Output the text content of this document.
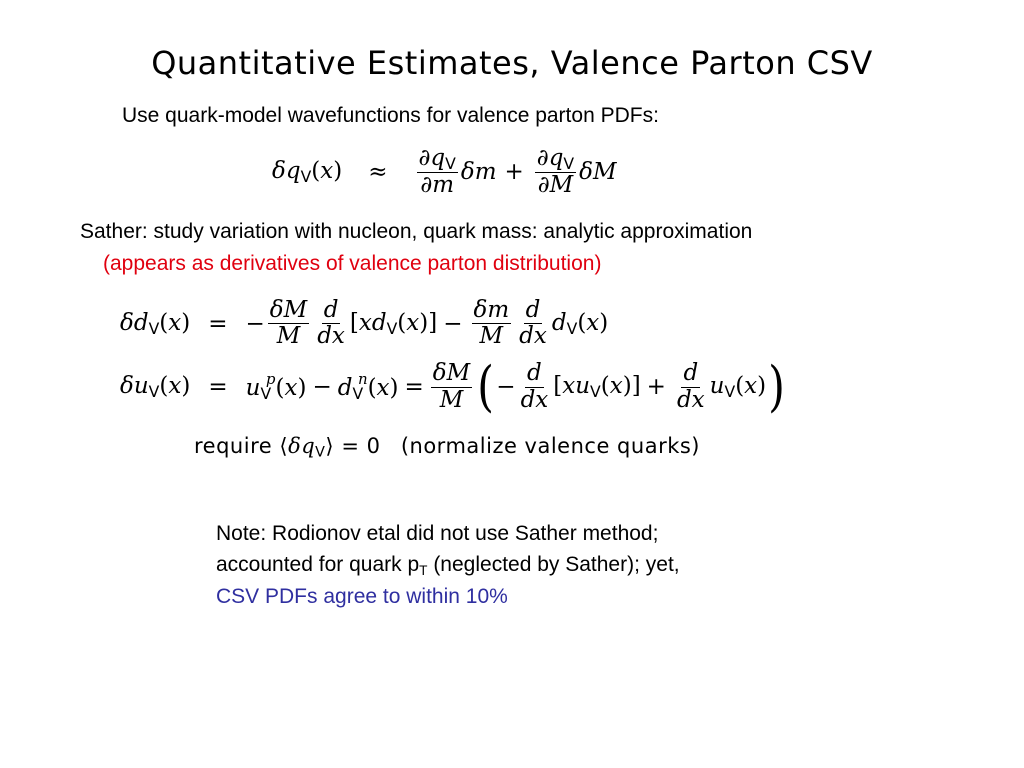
Quantitative Estimates, Valence Parton CSV
Use quark-model wavefunctions for valence parton PDFs:
$\delta qV(x) \approx \frac{\partial qV}{\partial m}$ $\delta m + \frac{\partial qV}{\partial M}$ δM
Sather: study variation with nucleon, quark mass: analytic approximation
(appears as derivatives of valence parton distribution)
δdV(x) = − $\frac{\delta M}{M} \frac{d}{dx} [xdV(x)] - \frac{\delta m}{M} \frac{d}{dx} dV(x)$
$\delta uV(x) = uV^p(x) - dV^n(x) = \frac{\delta M}{M}$ ( − $\frac{d}{dx} [xuV(x)] + \frac{d}{dx} uV(x)$ )
require ⟨δqV⟩ = 0 (normalize valence quarks)
Note: Rodionov etal did not use Sather method;
accounted for quark $p_T$ (neglected by Sather); yet,
CSV PDFs agree to within 10%
